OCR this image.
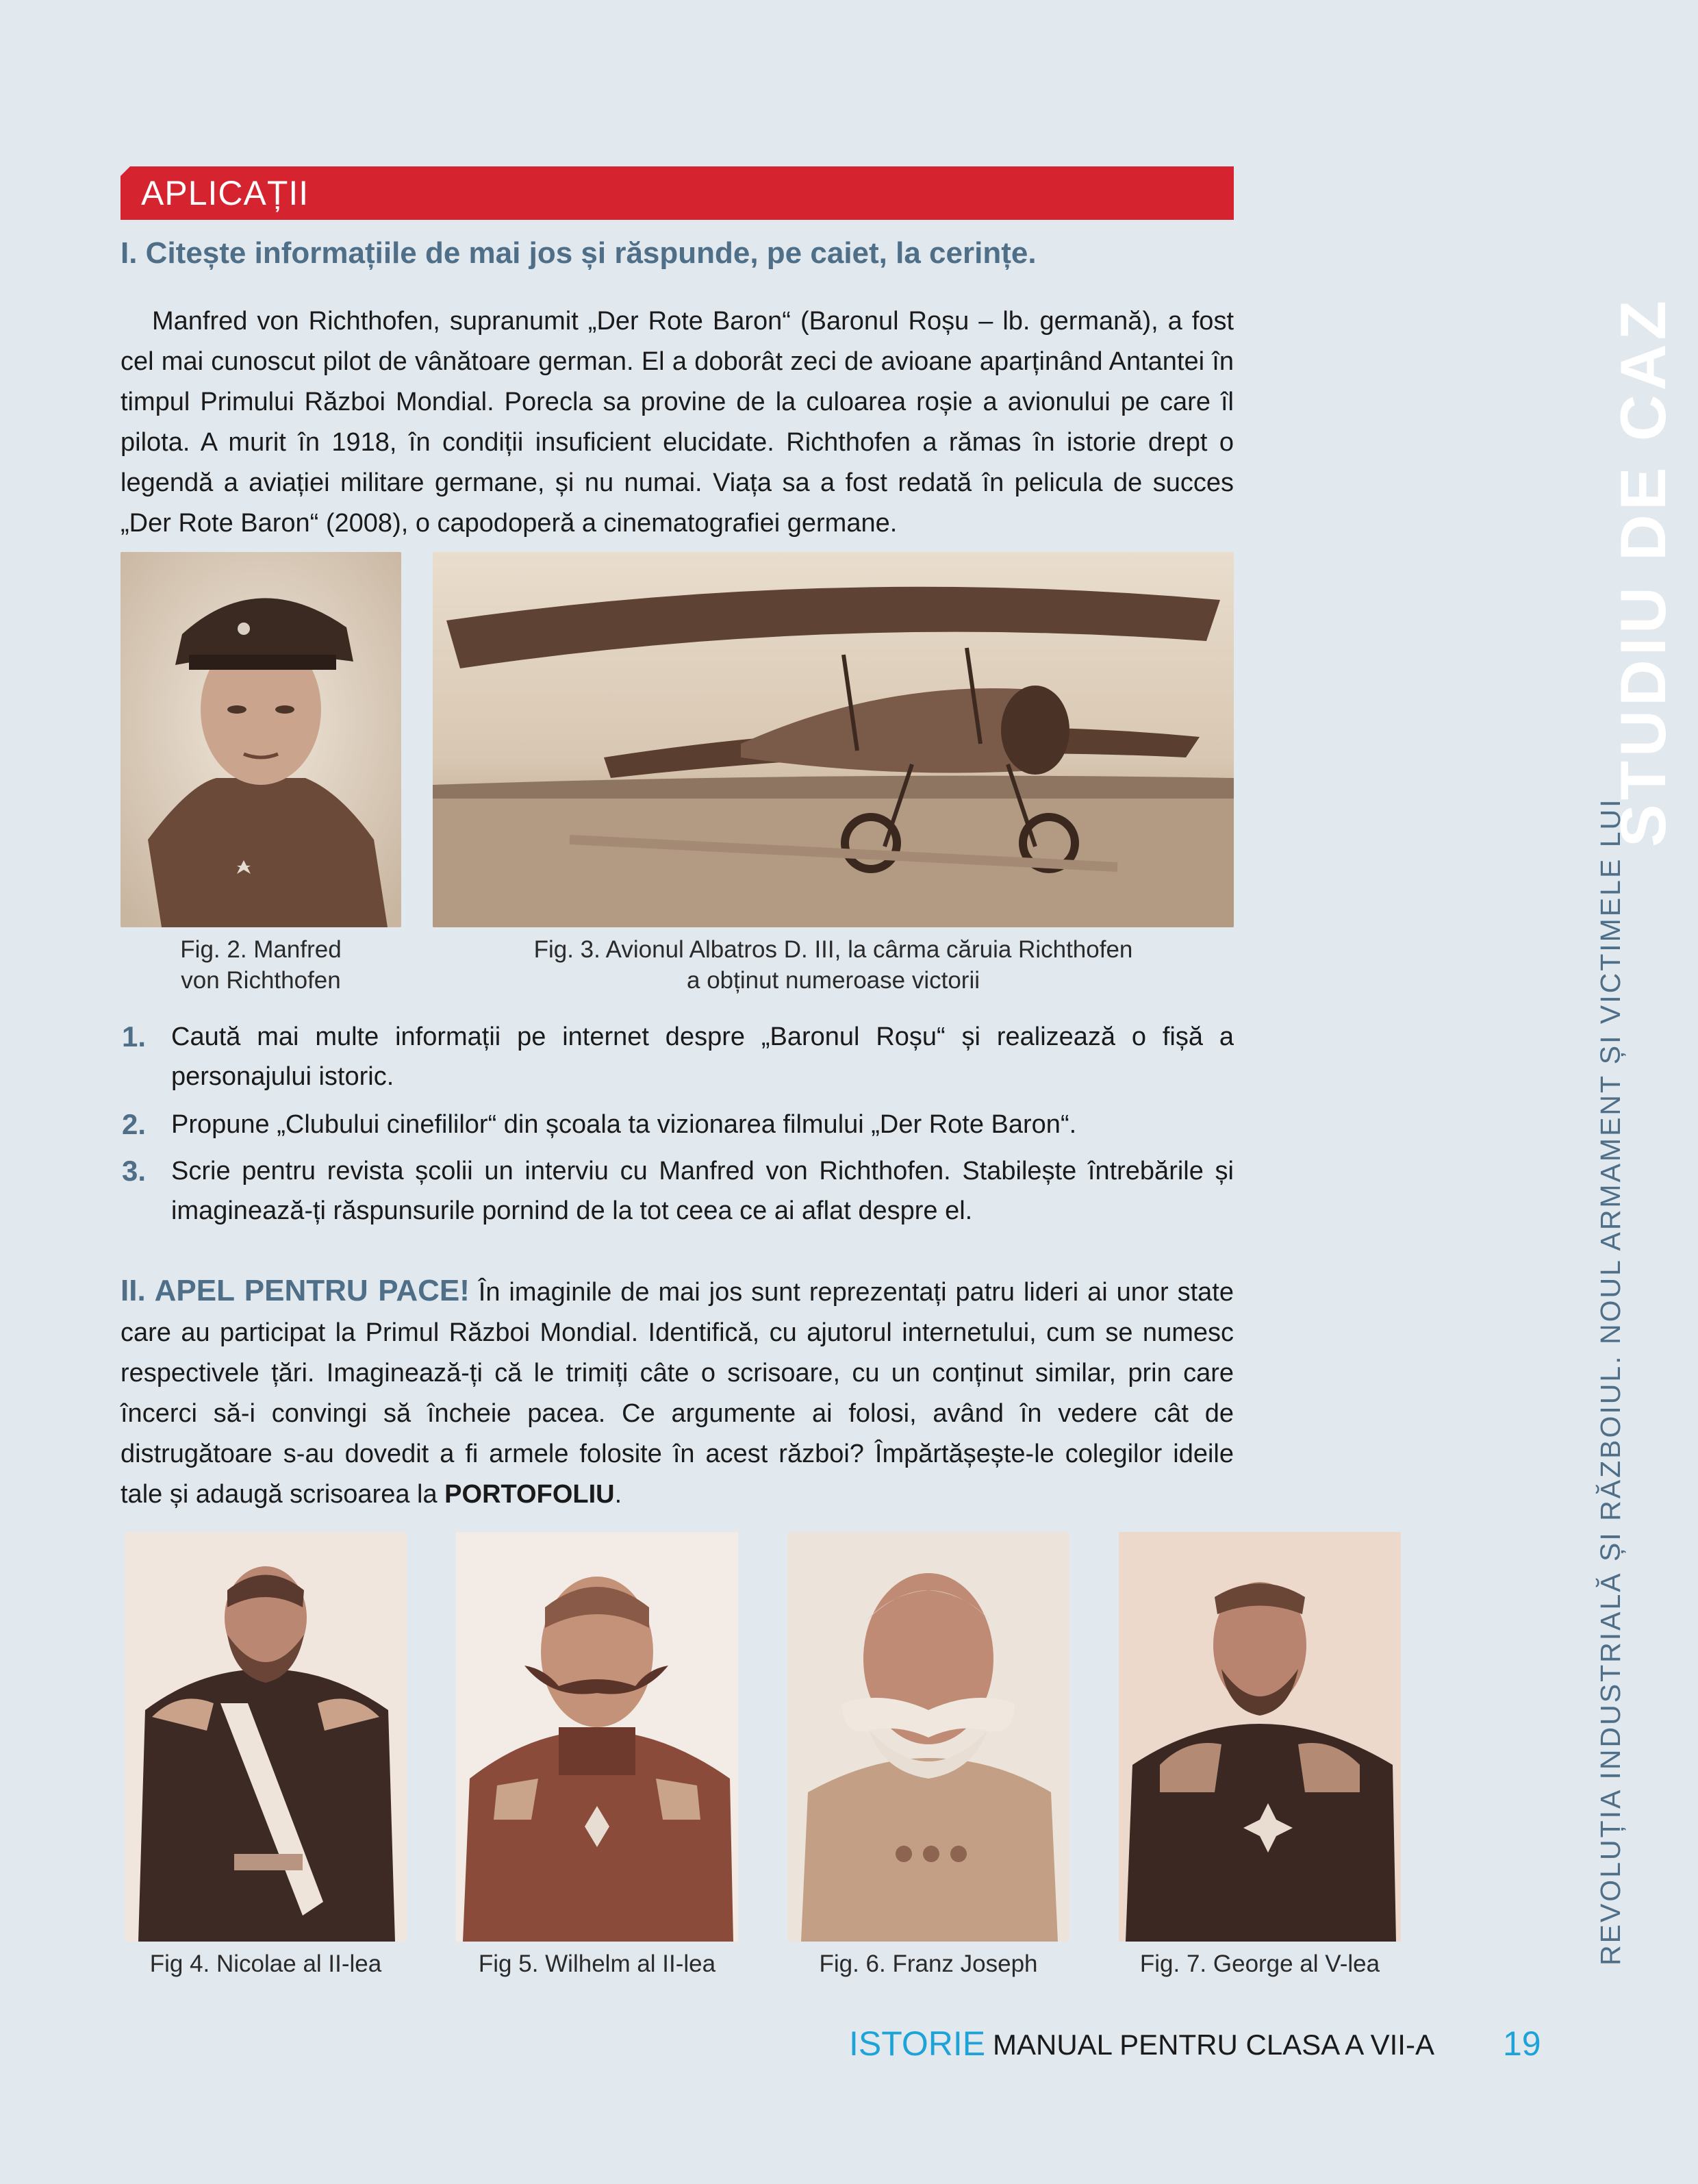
APLICAȚII
I. Citește informațiile de mai jos și răspunde, pe caiet, la cerințe.
Manfred von Richthofen, supranumit „Der Rote Baron“ (Baronul Roșu – lb. germană), a fost cel mai cunoscut pilot de vânătoare german. El a doborât zeci de avioane aparținând Antantei în timpul Primului Război Mondial. Porecla sa provine de la culoarea roșie a avionului pe care îl pilota. A murit în 1918, în condiții insuficient elucidate. Richthofen a rămas în istorie drept o legendă a aviației militare germane, și nu numai. Viața sa a fost redată în pelicula de succes „Der Rote Baron“ (2008), o capodoperă a cinematografiei germane.
Fig. 2. Manfred
von Richthofen
Fig. 3. Avionul Albatros D. III, la cârma căruia Richthofen
a obținut numeroase victorii
1. Caută mai multe informații pe internet despre „Baronul Roșu“ și realizează o fișă a personajului istoric.
2. Propune „Clubului cinefililor“ din școala ta vizionarea filmului „Der Rote Baron“.
3. Scrie pentru revista școlii un interviu cu Manfred von Richthofen. Stabilește întrebările și imaginează-ți răspunsurile pornind de la tot ceea ce ai aflat despre el.
II. APEL PENTRU PACE! În imaginile de mai jos sunt reprezentați patru lideri ai unor state care au participat la Primul Război Mondial. Identifică, cu ajutorul internetului, cum se numesc respectivele țări. Imaginează-ți că le trimiți câte o scrisoare, cu un conținut similar, prin care încerci să-i convingi să încheie pacea. Ce argumente ai folosi, având în vedere cât de distrugătoare s-au dovedit a fi armele folosite în acest război? Împărtășește-le colegilor ideile tale și adaugă scrisoarea la PORTOFOLIU.
Fig 4. Nicolae al II-lea	Fig 5. Wilhelm al II-lea	Fig. 6. Franz Joseph	Fig. 7. George al V-lea
STUDIU DE CAZ
REVOLUȚIA INDUSTRIALĂ ȘI RĂZBOIUL. NOUL ARMAMENT ȘI VICTIMELE LUI
ISTORIE MANUAL PENTRU CLASA A VII-A 19
